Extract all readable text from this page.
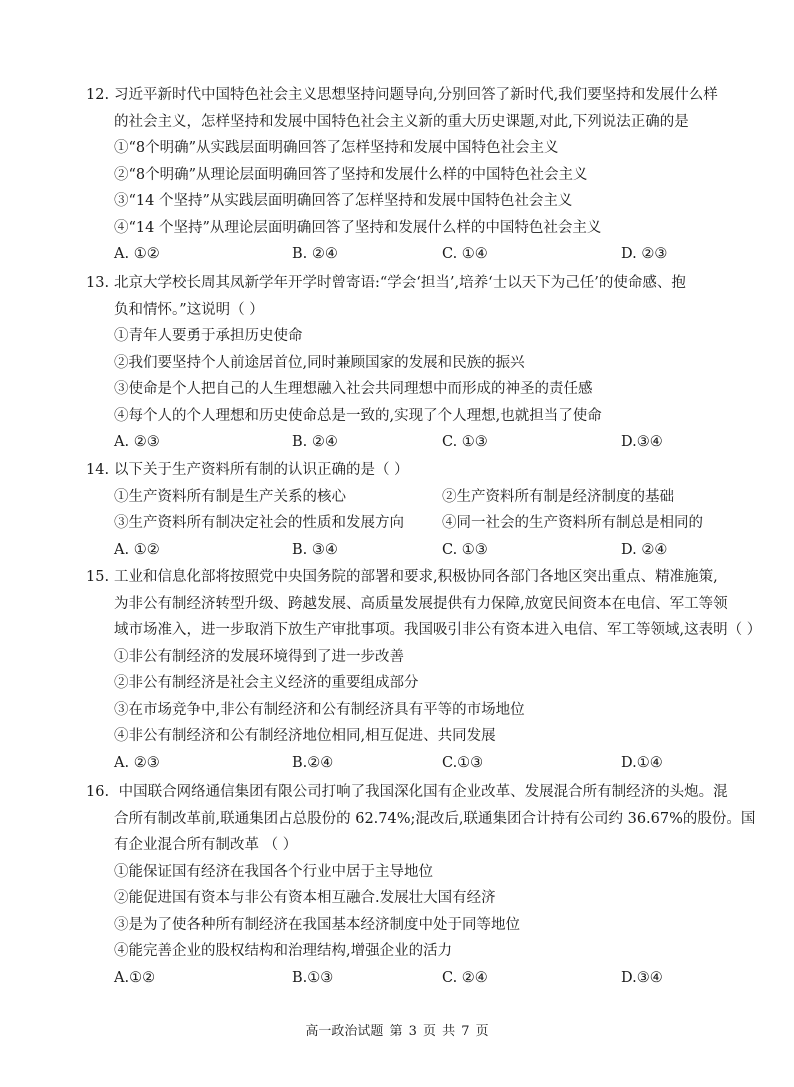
12. 习近平新时代中国特色社会主义思想坚持问题导向,分别回答了新时代,我们要坚持和发展什么样
的社会主义，怎样坚持和发展中国特色社会主义新的重大历史课题,对此,下列说法正确的是
①“8个明确”从实践层面明确回答了怎样坚持和发展中国特色社会主义
②“8个明确”从理论层面明确回答了坚持和发展什么样的中国特色社会主义
③“14 个坚持”从实践层面明确回答了怎样坚持和发展中国特色社会主义
④“14 个坚持”从理论层面明确回答了坚持和发展什么样的中国特色社会主义
A. ①②	B. ②④	C. ①④	D. ②③
13. 北京大学校长周其凤新学年开学时曾寄语:“学会‘担当’,培养‘士以天下为己任’的使命感、抱
负和情怀。”这说明（ ）
①青年人要勇于承担历史使命
②我们要坚持个人前途居首位,同时兼顾国家的发展和民族的振兴
③使命是个人把自己的人生理想融入社会共同理想中而形成的神圣的责任感
④每个人的个人理想和历史使命总是一致的,实现了个人理想,也就担当了使命
A. ②③	B. ②④	C. ①③	D.③④
14. 以下关于生产资料所有制的认识正确的是（ ）
①生产资料所有制是生产关系的核心	②生产资料所有制是经济制度的基础
③生产资料所有制决定社会的性质和发展方向	④同一社会的生产资料所有制总是相同的
A. ①②	B. ③④	C. ①③	D. ②④
15. 工业和信息化部将按照党中央国务院的部署和要求,积极协同各部门各地区突出重点、精准施策,
为非公有制经济转型升级、跨越发展、高质量发展提供有力保障,放宽民间资本在电信、军工等领
域市场准入，进一步取消下放生产审批事项。我国吸引非公有资本进入电信、军工等领域,这表明（ ）
①非公有制经济的发展环境得到了进一步改善
②非公有制经济是社会主义经济的重要组成部分
③在市场竞争中,非公有制经济和公有制经济具有平等的市场地位
④非公有制经济和公有制经济地位相同,相互促进、共同发展
A. ②③	B.②④	C.①③	D.①④
16. 中国联合网络通信集团有限公司打响了我国深化国有企业改革、发展混合所有制经济的头炮。混
合所有制改革前,联通集团占总股份的 62.74%;混改后,联通集团合计持有公司约 36.67%的股份。国
有企业混合所有制改革 （ ）
①能保证国有经济在我国各个行业中居于主导地位
②能促进国有资本与非公有资本相互融合.发展壮大国有经济
③是为了使各种所有制经济在我国基本经济制度中处于同等地位
④能完善企业的股权结构和治理结构,增强企业的活力
A.①②	B.①③	C. ②④	D.③④
高一政治试题 第 3 页 共 7 页
